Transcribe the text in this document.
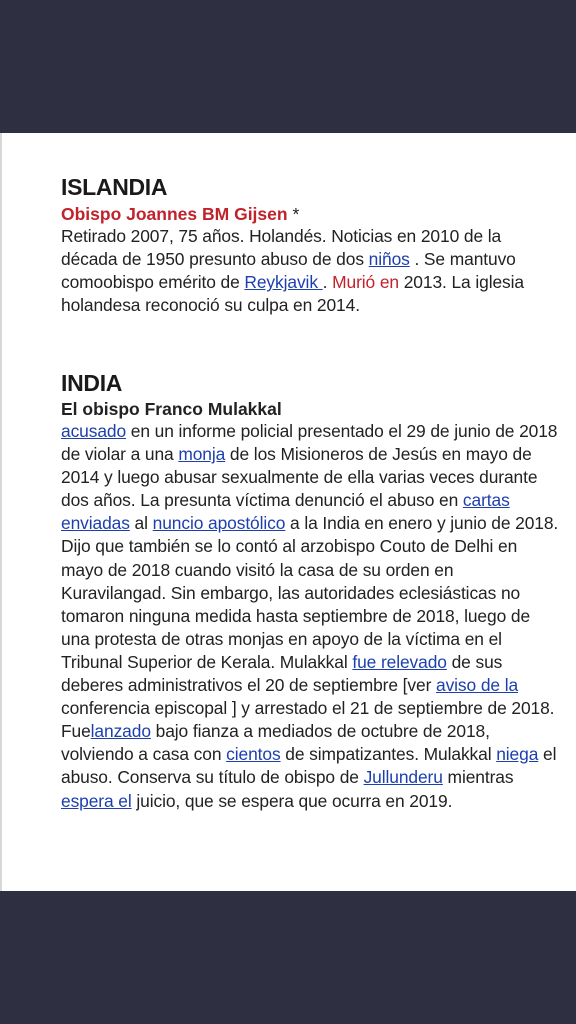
ISLANDIA

Obispo Joannes BM Gijsen *

Retirado 2007, 75 años. Holandés. Noticias en 2010 de la década de 1950 presunto abuso de dos niños . Se mantuvo comoobispo emérito de Reykjavik . Murió en 2013. La iglesia holandesa reconoció su culpa en 2014.

INDIA

El obispo Franco Mulakkal

acusado en un informe policial presentado el 29 de junio de 2018 de violar a una monja de los Misioneros de Jesús en mayo de 2014 y luego abusar sexualmente de ella varias veces durante dos años. La presunta víctima denunció el abuso en cartas enviadas al nuncio apostólico a la India en enero y junio de 2018. Dijo que también se lo contó al arzobispo Couto de Delhi en mayo de 2018 cuando visitó la casa de su orden en Kuravilangad. Sin embargo, las autoridades eclesiásticas no tomaron ninguna medida hasta septiembre de 2018, luego de una protesta de otras monjas en apoyo de la víctima en el Tribunal Superior de Kerala. Mulakkal fue relevado de sus deberes administrativos el 20 de septiembre [ver aviso de la conferencia episcopal ] y arrestado el 21 de septiembre de 2018. Fuelanzado bajo fianza a mediados de octubre de 2018, volviendo a casa con cientos de simpatizantes. Mulakkal niega el abuso. Conserva su título de obispo de Jullunderu mientras espera el juicio, que se espera que ocurra en 2019.
